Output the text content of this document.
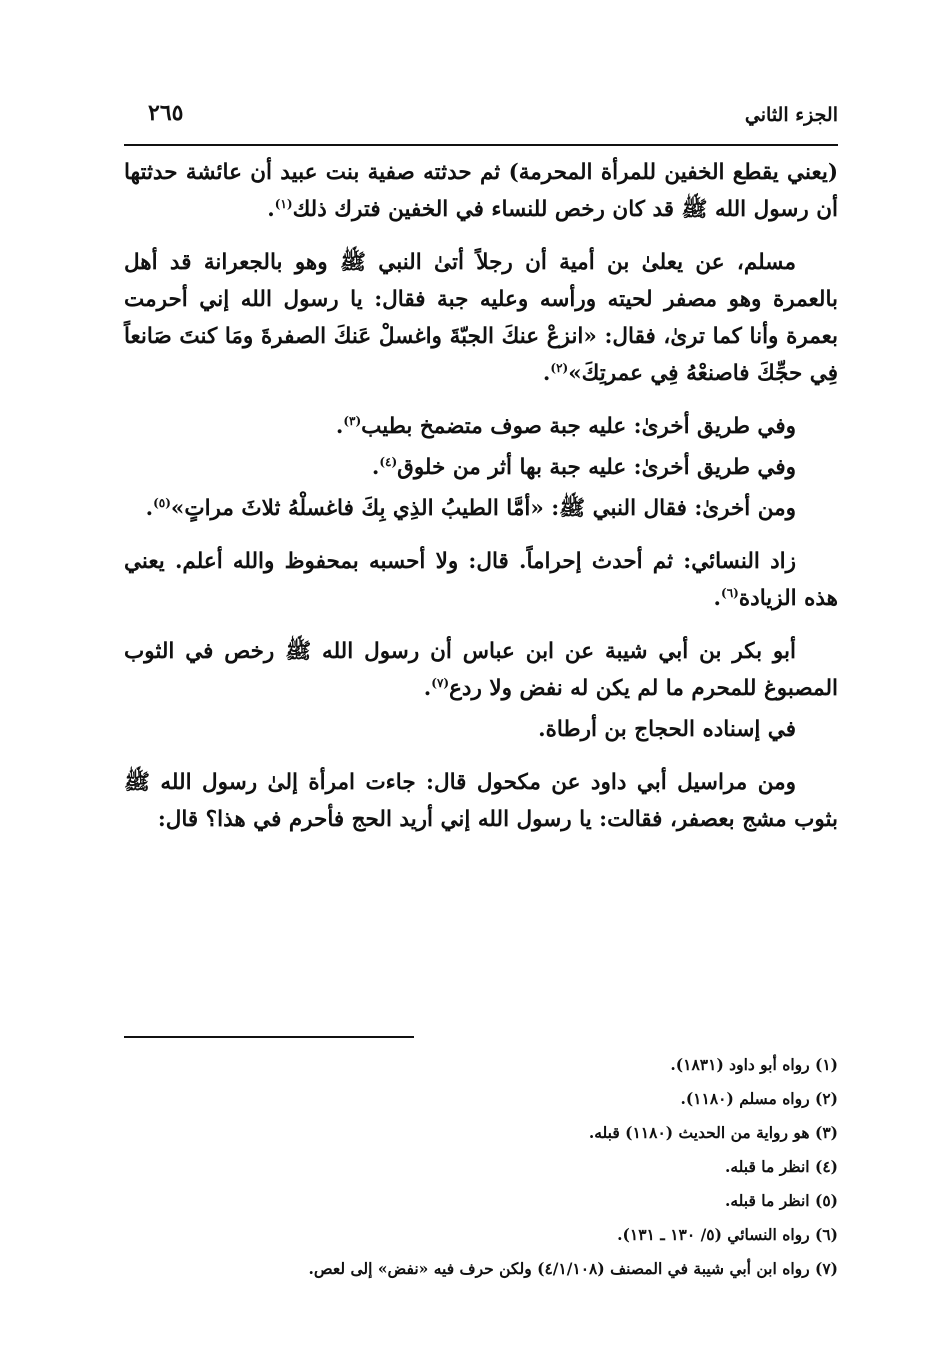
الجزء الثاني
٢٦٥

(يعني يقطع الخفين للمرأة المحرمة) ثم حدثته صفية بنت عبيد أن عائشة حدثتها أن رسول الله ﷺ قد كان رخص للنساء في الخفين فترك ذلك$^{(١)}$.

مسلم، عن يعلىٰ بن أمية أن رجلاً أتىٰ النبي ﷺ وهو بالجعرانة قد أهل بالعمرة وهو مصفر لحيته ورأسه وعليه جبة فقال: يا رسول الله إني أحرمت بعمرة وأنا كما ترىٰ، فقال: «انزعْ عنكَ الجبّةَ واغسلْ عَنكَ الصفرةَ ومَا كنتَ صَانعاً فِي حجِّكَ فاصنعْهُ فِي عمرتِكَ»$^{(٢)}$.

وفي طريق أخرىٰ: عليه جبة صوف متضمخ بطيب$^{(٣)}$.

وفي طريق أخرىٰ: عليه جبة بها أثر من خلوق$^{(٤)}$.

ومن أخرىٰ: فقال النبي ﷺ: «أمَّا الطيبُ الذِي بِكَ فاغسلْهُ ثلاثَ مراتٍ»$^{(٥)}$.

زاد النسائي: ثم أحدث إحراماً. قال: ولا أحسبه بمحفوظ والله أعلم. يعني هذه الزيادة$^{(٦)}$.

أبو بكر بن أبي شيبة عن ابن عباس أن رسول الله ﷺ رخص في الثوب المصبوغ للمحرم ما لم يكن له نفض ولا ردع$^{(٧)}$.

في إسناده الحجاج بن أرطاة.

ومن مراسيل أبي داود عن مكحول قال: جاءت امرأة إلىٰ رسول الله ﷺ بثوب مشج بعصفر، فقالت: يا رسول الله إني أريد الحج فأحرم في هذا؟ قال:

(١) رواه أبو داود (١٨٣١).
(٢) رواه مسلم (١١٨٠).
(٣) هو رواية من الحديث (١١٨٠) قبله.
(٤) انظر ما قبله.
(٥) انظر ما قبله.
(٦) رواه النسائي (٥/ ١٣٠ ـ ١٣١).
(٧) رواه ابن أبي شيبة في المصنف (٤/١/١٠٨) ولكن حرف فيه «نفض» إلى لعص.
